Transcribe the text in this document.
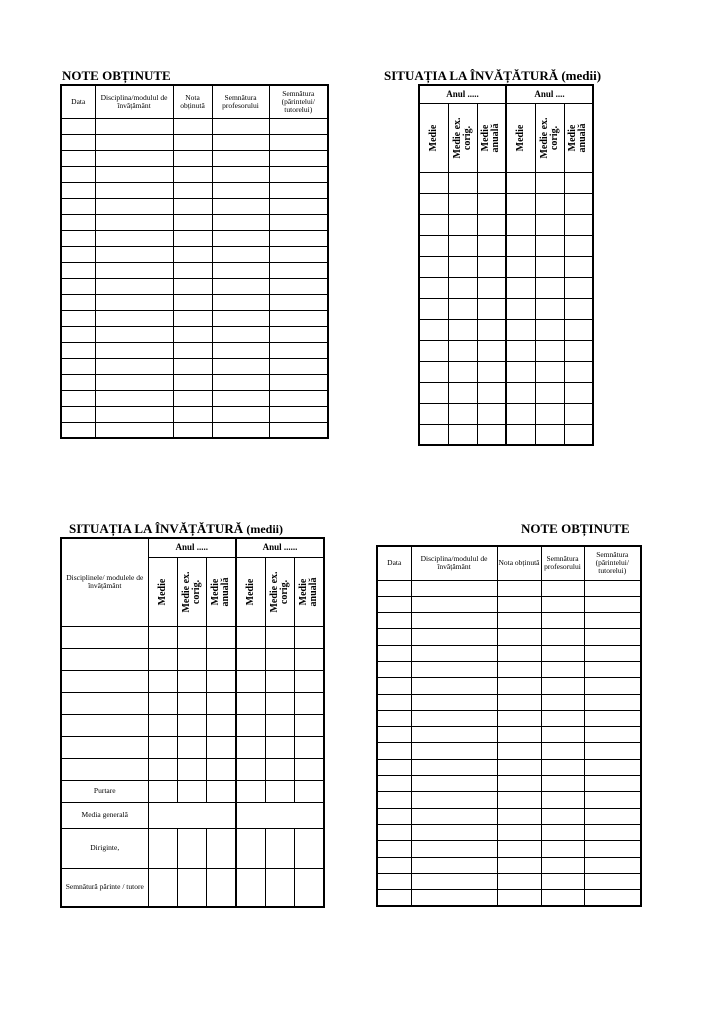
NOTE OBȚINUTE
Data	Disciplina/modulul de învățământ	Nota obținută	Semnătura profesorului	Semnătura (părintelui/ tutorelui)

SITUAȚIA LA ÎNVĂȚĂTURĂ (medii)
Anul .....			Anul ....		

Medie	Medie ex. corig.	Medie anuală	Medie	Medie ex. corig.	Medie anuală

SITUAȚIA LA ÎNVĂȚĂTURĂ (medii)
Disciplinele/ modulele de învățământ	Anul .....			Anul ......		

	Medie	Medie ex. corig.	Medie anuală	Medie	Medie ex. corig.	Medie anuală

Purtare						
Media generală						
Diriginte,						
Semnătură părinte / tutore						
NOTE OBȚINUTE
Data	Disciplina/modulul de învățământ	Nota obținută	Semnătura profesorului	Semnătura (părintelui/ tutorelui)
